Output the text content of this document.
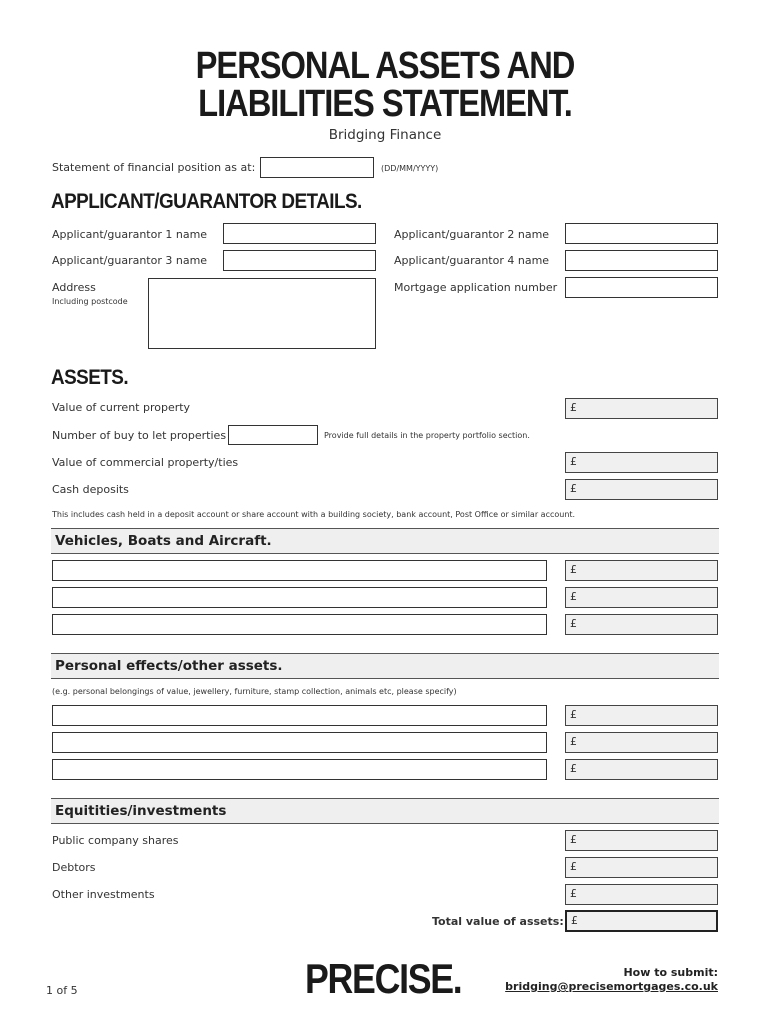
PERSONAL ASSETS AND
LIABILITIES STATEMENT.
Bridging Finance
Statement of financial position as at:	(DD/MM/YYYY)
APPLICANT/GUARANTOR DETAILS.
Applicant/guarantor 1 name	Applicant/guarantor 2 name
Applicant/guarantor 3 name	Applicant/guarantor 4 name
Address
Including postcode
Mortgage application number
ASSETS.
Value of current property	£
Number of buy to let properties	Provide full details in the property portfolio section.
Value of commercial property/ties	£
Cash deposits	£
This includes cash held in a deposit account or share account with a building society, bank account, Post Office or similar account.
Vehicles, Boats and Aircraft.
£
£
£
Personal effects/other assets.
(e.g. personal belongings of value, jewellery, furniture, stamp collection, animals etc, please specify)
£
£
£
Equitities/investments
Public company shares	£
Debtors	£
Other investments	£
Total value of assets: £
1 of 5	PRECISE.	How to submit:
bridging@precisemortgages.co.uk
